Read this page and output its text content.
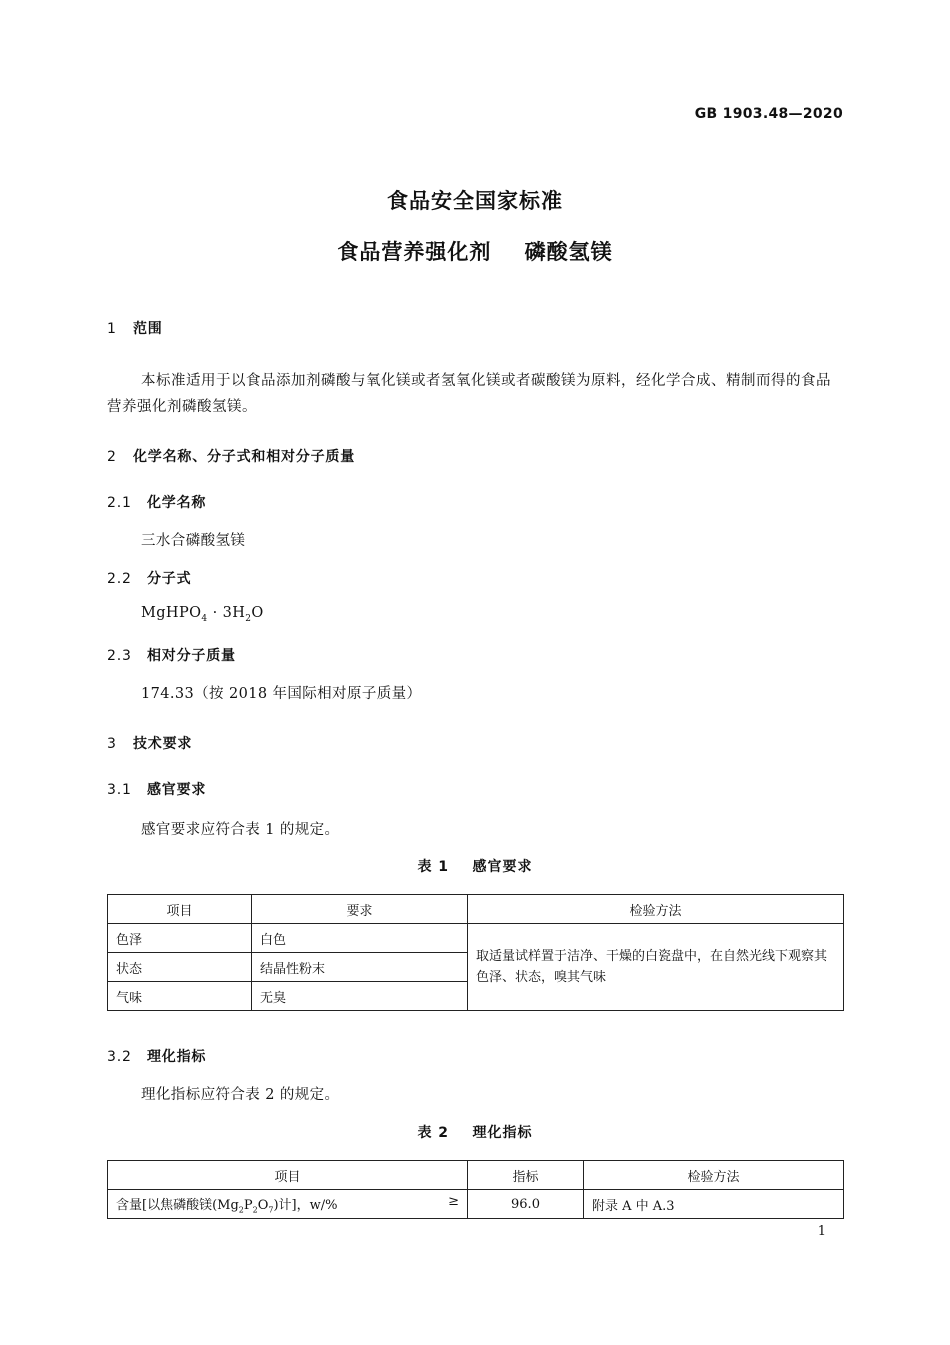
GB 1903.48—2020
食品安全国家标准
食品营养强化剂    磷酸氢镁
1 范围
本标准适用于以食品添加剂磷酸与氧化镁或者氢氧化镁或者碳酸镁为原料，经化学合成、精制而得的食品营养强化剂磷酸氢镁。
2 化学名称、分子式和相对分子质量
2.1 化学名称
三水合磷酸氢镁
2.2 分子式
MgHPO$_4$ · $3H_2O$
2.3 相对分子质量
174.33（按 2018 年国际相对原子质量）
3 技术要求
3.1 感官要求
感官要求应符合表 1 的规定。
表 1    感官要求
项目	要求	检验方法
色泽	白色	取适量试样置于洁净、干燥的白瓷盘中，在自然光线下观察其色泽、状态，嗅其气味
状态	结晶性粉末	
气味	无臭	
3.2 理化指标
理化指标应符合表 2 的规定。
表 2    理化指标
项目	指标	检验方法
含量[以焦磷酸镁$(Mg_2P_2O_7)$计]，w/% ≥	96.0	附录 A 中 A.3
1
